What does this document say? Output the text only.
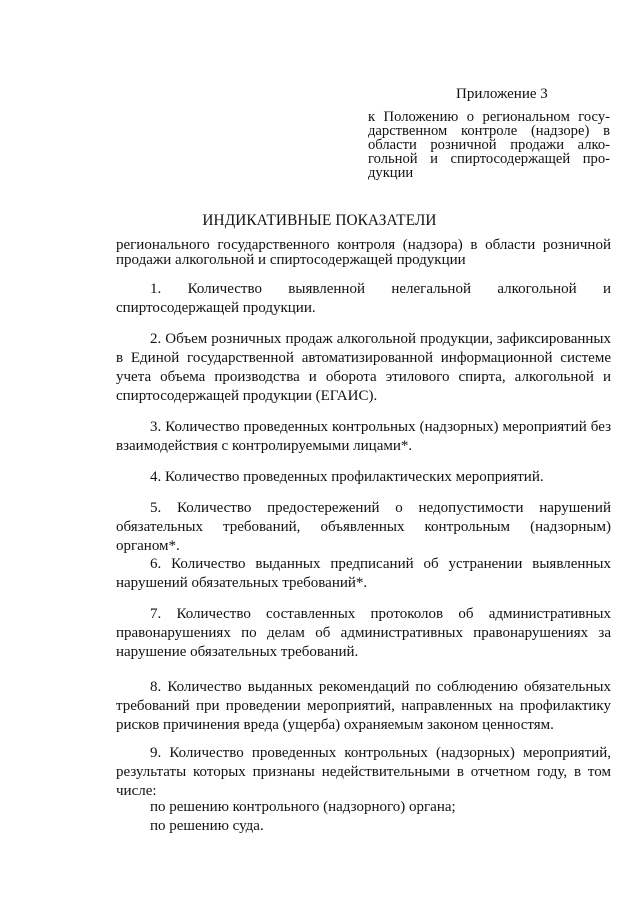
Приложение 3
к Положению о региональном госу-
дарственном контроле (надзоре) в
области розничной продажи алко-
гольной и спиртосодержащей про-
дукции
ИНДИКАТИВНЫЕ ПОКАЗАТЕЛИ
регионального государственного контроля (надзора) в области розничной продажи алкогольной и спиртосодержащей продукции
1. Количество выявленной нелегальной алкогольной и спиртосодержащей продукции.
2. Объем розничных продаж алкогольной продукции, зафиксированных в Единой государственной автоматизированной информационной системе учета объема производства и оборота этилового спирта, алкогольной и спиртосодержащей продукции (ЕГАИС).
3. Количество проведенных контрольных (надзорных) мероприятий без взаимодействия с контролируемыми лицами*.
4. Количество проведенных профилактических мероприятий.
5. Количество предостережений о недопустимости нарушений обязательных требований, объявленных контрольным (надзорным) органом*.
6. Количество выданных предписаний об устранении выявленных нарушений обязательных требований*.
7. Количество составленных протоколов об административных правонарушениях по делам об административных правонарушениях за нарушение обязательных требований.
8. Количество выданных рекомендаций по соблюдению обязательных требований при проведении мероприятий, направленных на профилактику рисков причинения вреда (ущерба) охраняемым законом ценностям.
9. Количество проведенных контрольных (надзорных) мероприятий, результаты которых признаны недействительными в отчетном году, в том числе:
по решению контрольного (надзорного) органа;
по решению суда.
